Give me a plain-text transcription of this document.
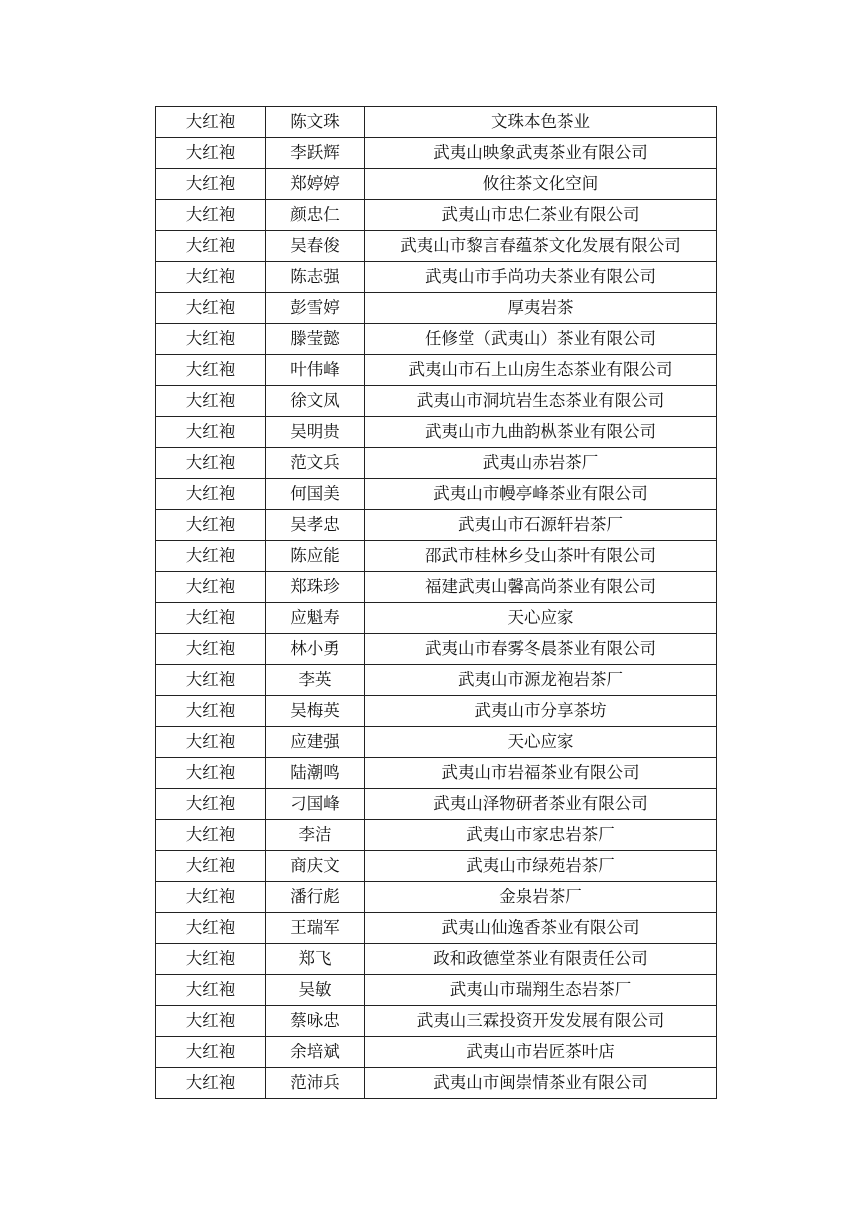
大红袍	陈文珠	文珠本色茶业
大红袍	李跃辉	武夷山映象武夷茶业有限公司
大红袍	郑婷婷	攸往茶文化空间
大红袍	颜忠仁	武夷山市忠仁茶业有限公司
大红袍	吴春俊	武夷山市黎言春蕴茶文化发展有限公司
大红袍	陈志强	武夷山市手尚功夫茶业有限公司
大红袍	彭雪婷	厚夷岩茶
大红袍	滕莹懿	任修堂（武夷山）茶业有限公司
大红袍	叶伟峰	武夷山市石上山房生态茶业有限公司
大红袍	徐文凤	武夷山市洞坑岩生态茶业有限公司
大红袍	吴明贵	武夷山市九曲韵枞茶业有限公司
大红袍	范文兵	武夷山赤岩茶厂
大红袍	何国美	武夷山市幔亭峰茶业有限公司
大红袍	吴孝忠	武夷山市石源轩岩茶厂
大红袍	陈应能	邵武市桂林乡殳山茶叶有限公司
大红袍	郑珠珍	福建武夷山馨高尚茶业有限公司
大红袍	应魁寿	天心应家
大红袍	林小勇	武夷山市春雾冬晨茶业有限公司
大红袍	李英	武夷山市源龙袍岩茶厂
大红袍	吴梅英	武夷山市分享茶坊
大红袍	应建强	天心应家
大红袍	陆潮鸣	武夷山市岩福茶业有限公司
大红袍	刁国峰	武夷山泽物研者茶业有限公司
大红袍	李洁	武夷山市家忠岩茶厂
大红袍	商庆文	武夷山市绿苑岩茶厂
大红袍	潘行彪	金泉岩茶厂
大红袍	王瑞军	武夷山仙逸香茶业有限公司
大红袍	郑飞	政和政德堂茶业有限责任公司
大红袍	吴敏	武夷山市瑞翔生态岩茶厂
大红袍	蔡咏忠	武夷山三霖投资开发发展有限公司
大红袍	余培斌	武夷山市岩匠茶叶店
大红袍	范沛兵	武夷山市闽崇情茶业有限公司
